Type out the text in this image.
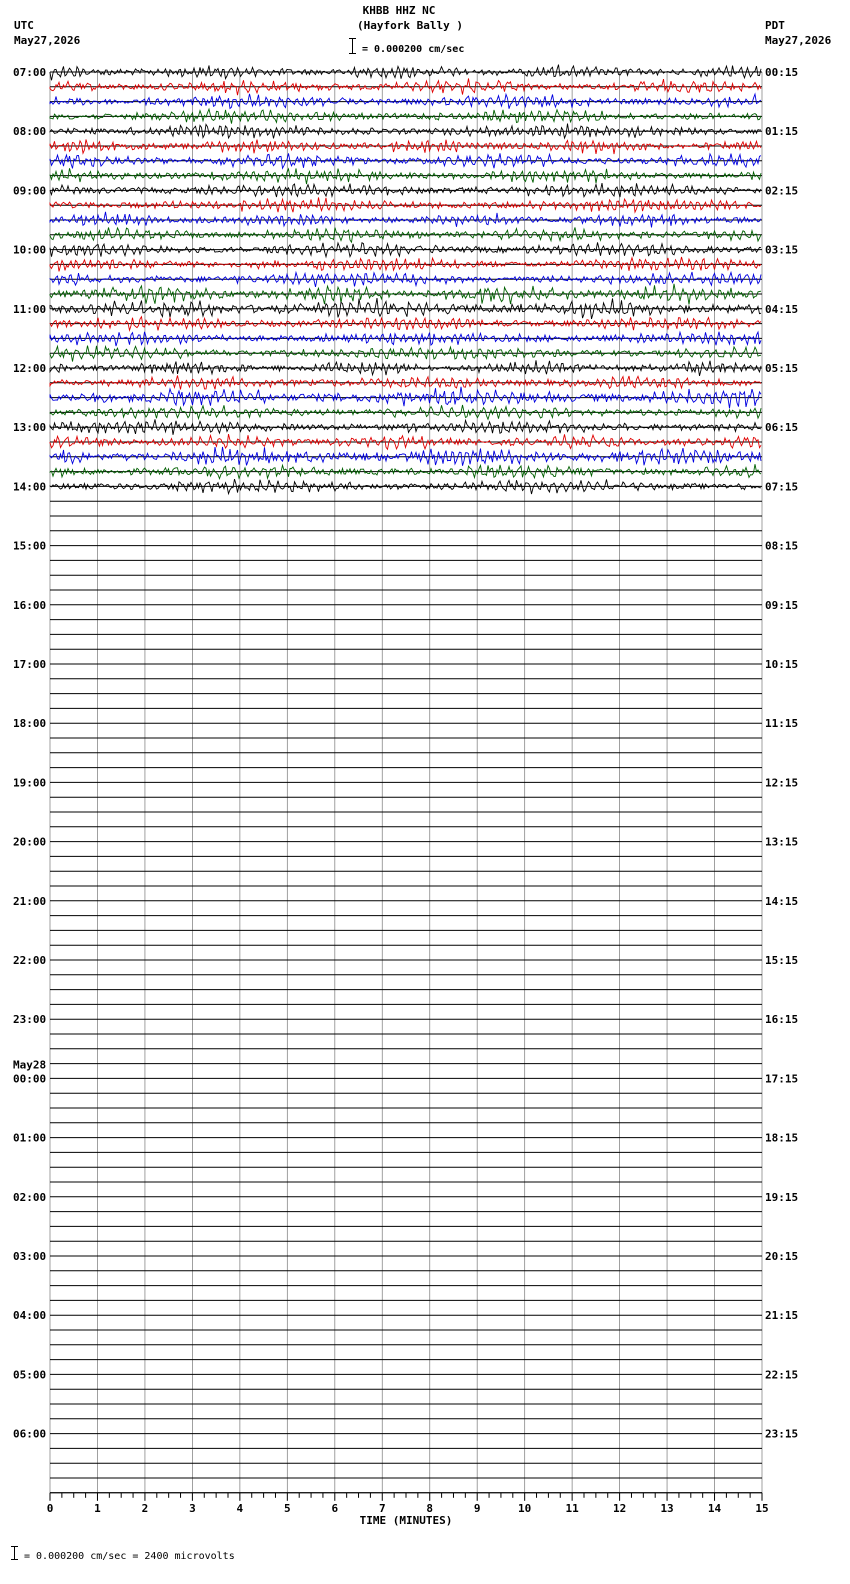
KHBB HHZ NC
(Hayfork Bally )
= 0.000200 cm/sec
UTC
May27,2026
PDT
May27,2026
0	1	2	3	4	5	6	7	8	9	10	11	12	13	14	15
TIME (MINUTES)
07:00	00:15
08:00	01:15
09:00	02:15
10:00	03:15
11:00	04:15
12:00	05:15
13:00	06:15
14:00	07:15
15:00	08:15
16:00	09:15
17:00	10:15
18:00	11:15
19:00	12:15
20:00	13:15
21:00	14:15
22:00	15:15
23:00	16:15
00:00	17:15
01:00	18:15
02:00	19:15
03:00	20:15
04:00	21:15
05:00	22:15
06:00	23:15
May28
= 0.000200 cm/sec = 2400 microvolts
